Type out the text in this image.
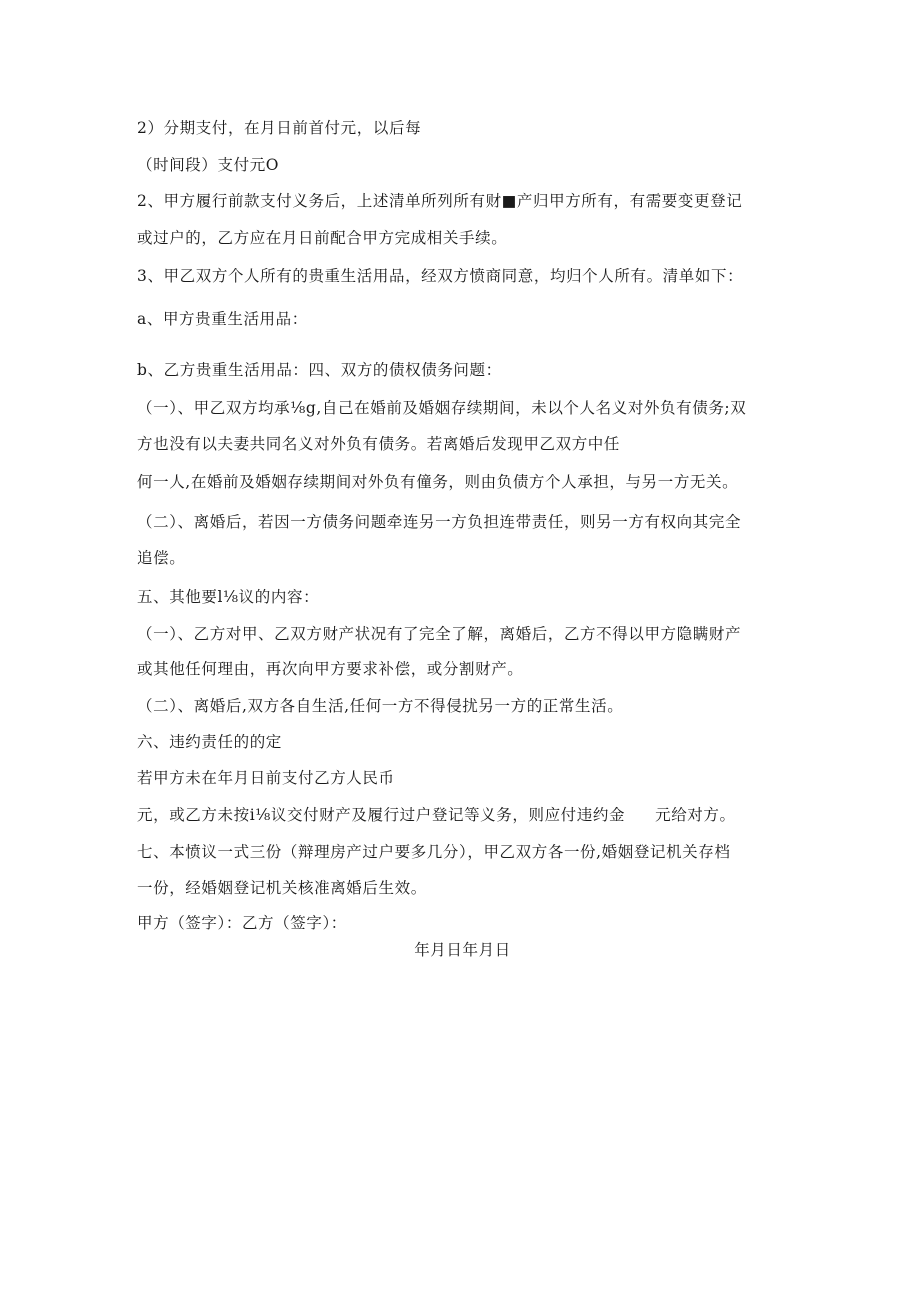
2）分期支付，在月日前首付元，以后每
（时间段）支付元O
2、甲方履行前款支付义务后，上述清单所列所有财■产归甲方所有，有需要变更登记
或过户的，乙方应在月日前配合甲方完成相关手续。
3、甲乙双方个人所有的贵重生活用品，经双方愤商同意，均归个人所有。清单如下：
a、甲方贵重生活用品：
b、乙方贵重生活用品：四、双方的债权债务问题：
（一）、甲乙双方均承⅛g,自己在婚前及婚姻存续期间，未以个人名义对外负有债务;双
方也没有以夫妻共同名义对外负有债务。若离婚后发现甲乙双方中任
何一人,在婚前及婚姻存续期间对外负有僮务，则由负债方个人承担，与另一方无关。
（二）、离婚后，若因一方债务问题牵连另一方负担连带责任，则另一方有权向其完全
追偿。
五、其他要l⅛议的内容：
（一）、乙方对甲、乙双方财产状况有了完全了解，离婚后，乙方不得以甲方隐瞒财产
或其他任何理由，再次向甲方要求补偿，或分割财产。
（二）、离婚后,双方各自生活,任何一方不得侵扰另一方的正常生活。
六、违约责任的的定
若甲方未在年月日前支付乙方人民币
元，或乙方未按i⅛议交付财产及履行过户登记等义务，则应付违约金 元给对方。
七、本愤议一式三份（辩理房产过户要多几分），甲乙双方各一份,婚姻登记机关存档
一份，经婚姻登记机关核准离婚后生效。
甲方（签字）：乙方（签字）：
年月日年月日
